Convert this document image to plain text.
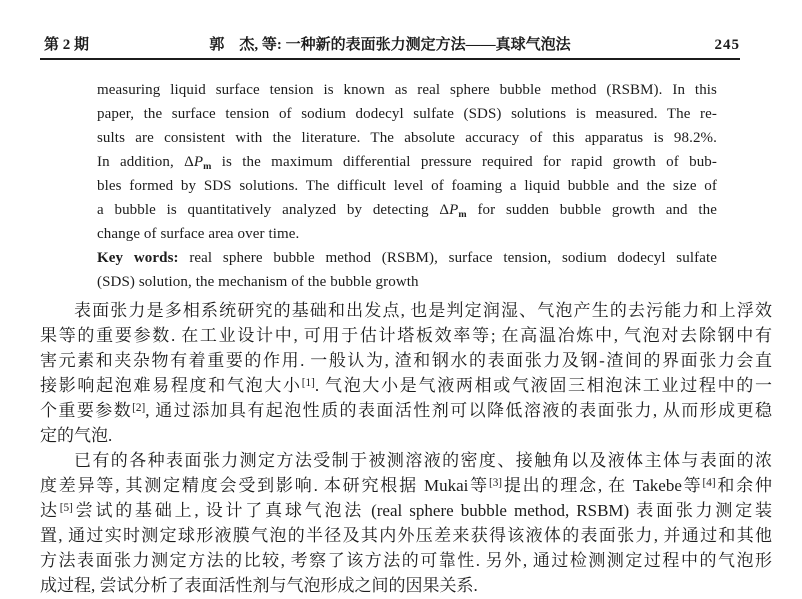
第 2 期	郭　杰, 等: 一种新的表面张力测定方法——真球气泡法	245
measuring liquid surface tension is known as real sphere bubble method (RSBM). In this
paper, the surface tension of sodium dodecyl sulfate (SDS) solutions is measured. The re-
sults are consistent with the literature. The absolute accuracy of this apparatus is 98.2%.
In addition, $\Delta P_m$ is the maximum differential pressure required for rapid growth of bub-
bles formed by SDS solutions. The difficult level of foaming a liquid bubble and the size of
a bubble is quantitatively analyzed by detecting $\Delta P_m$ for sudden bubble growth and the
change of surface area over time.
Key words: real sphere bubble method (RSBM), surface tension, sodium dodecyl sulfate
(SDS) solution, the mechanism of the bubble growth
表面张力是多相系统研究的基础和出发点, 也是判定润湿、气泡产生的去污能力和上浮效
果等的重要参数. 在工业设计中, 可用于估计塔板效率等; 在高温冶炼中, 气泡对去除钢中有
害元素和夹杂物有着重要的作用. 一般认为, 渣和钢水的表面张力及钢-渣间的界面张力会直
接影响起泡难易程度和气泡大小[1]. 气泡大小是气液两相或气液固三相泡沫工业过程中的一
个重要参数[2], 通过添加具有起泡性质的表面活性剂可以降低溶液的表面张力, 从而形成更稳
定的气泡.
已有的各种表面张力测定方法受制于被测溶液的密度、接触角以及液体主体与表面的浓
度差异等, 其测定精度会受到影响. 本研究根据 Mukai等[3]提出的理念, 在 Takebe等[4]和余仲
达[5]尝试的基础上, 设计了真球气泡法 (real sphere bubble method, RSBM) 表面张力测定装
置, 通过实时测定球形液膜气泡的半径及其内外压差来获得该液体的表面张力, 并通过和其他
方法表面张力测定方法的比较, 考察了该方法的可靠性. 另外, 通过检测测定过程中的气泡形
成过程, 尝试分析了表面活性剂与气泡形成之间的因果关系.
